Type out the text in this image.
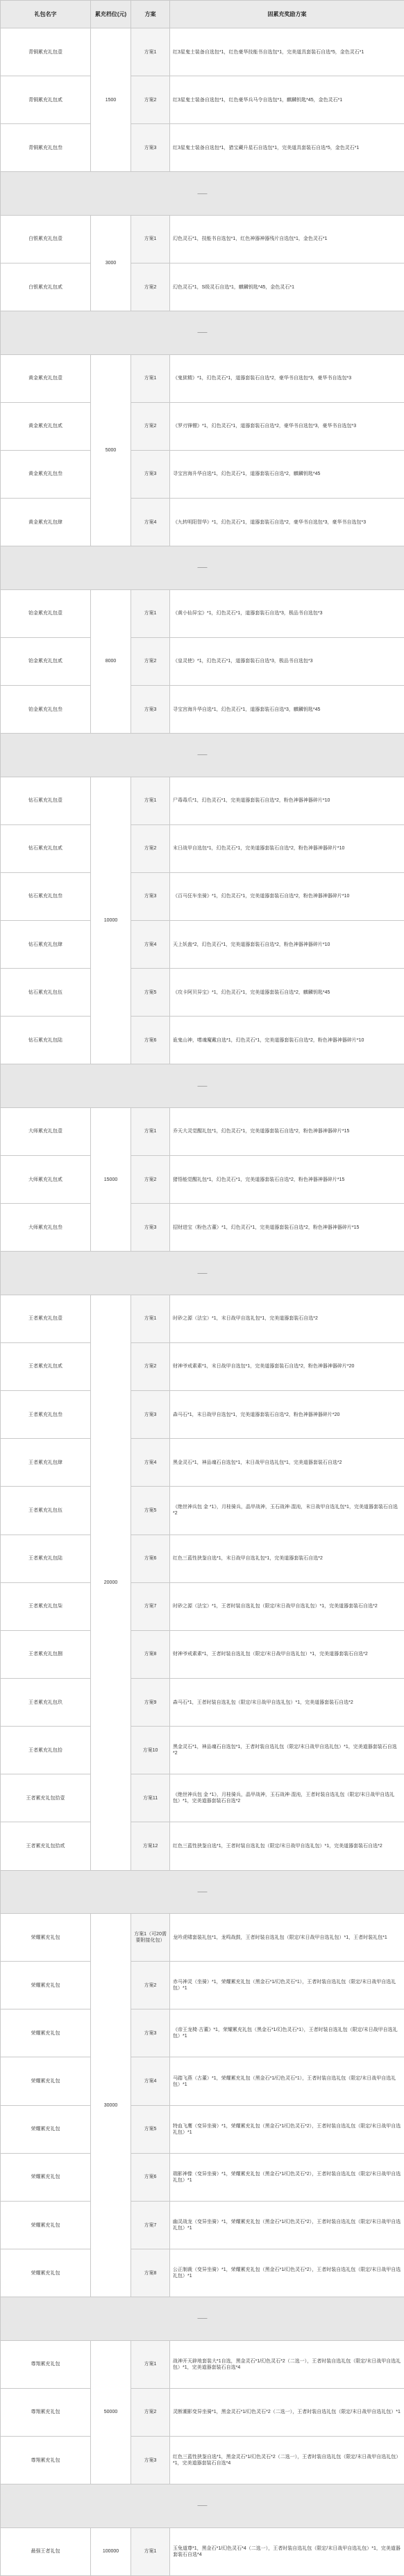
礼包名字	累充档位(元)	方案	固累充奖励方案
青铜累充礼包壹	1500	方案1	红3星鬼士装备自选包*1，红色豪华技能书自选包*1，完美道具套装石自选*5，金色灵石*1
青铜累充礼包贰		方案2	红3星鬼士装备自选包*1，红色豪华兵马令自选包*1，麒麟钥匙*45，金色灵石*1
青铜累充礼包叁		方案3	红3星鬼士装备自选包*1，猎宝藏升星石自选包*1，完美道具套装石自选*5，金色灵石*1
——			
白银累充礼包壹	3000	方案1	幻色灵石*1，技能书自选包*1，红色神器神器残片自选包*1，金色灵石*1
白银累充礼包贰		方案2	幻色灵石*1，S级灵石自选*1，麒麟钥匙*45，金色灵石*1
——			
黄金累充礼包壹	5000	方案1	《鬼狱精》*1，幻色灵石*1，道器套装石自选*2，豪华书自选包*3，豪华书自选包*3
黄金累充礼包贰		方案2	《罗刃锋镖》*1，幻色灵石*1，道器套装石自选*2，豪华书自选包*3，豪华书自选包*3
黄金累充礼包叁		方案3	寻宝宫海升华自选*1，幻色灵石*1，道器套装石自选*2，麒麟钥匙*45
黄金累充礼包肆		方案4	《九转明阳智华》*1，幻色灵石*1，道器套装石自选*2，豪华书自选包*3，豪华书自选包*3
——			
铂金累充礼包壹	8000	方案1	《黄小仙异宝》*1，幻色灵石*1，道器套装石自选*3，极品书自选包*3
铂金累充礼包贰		方案2	《皇灵使》*1，幻色灵石*1，道器套装石自选*3，极品书自选包*3
铂金累充礼包叁		方案3	寻宝宫海升华自选*1，幻色灵石*1，道器套装石自选*3，麒麟钥匙*45
——			
钻石累充礼包壹	10000	方案1	尸毒毒爪*1，幻色灵石*1，完美道器套装石自选*2，粉色神器神器碎片*10
钻石累充礼包贰		方案2	末日战甲自选包*1，幻色灵石*1，完美道器套装石自选*2，粉色神器神器碎片*10
钻石累充礼包叁		方案3	《百马狂车坐骑》*1，幻色灵石*1，完美道器套装石自选*2，粉色神器神器碎片*10
钻石累充礼包肆		方案4	天上妖蛊*2，幻色灵石*1，完美道器套装石自选*2，粉色神器神器碎片*10
钻石累充礼包伍		方案5	《攻卡阿贝异宝》*1，幻色灵石*1，完美道器套装石自选*2，麒麟钥匙*45
钻石累充礼包陆		方案6	诡鬼山神，嗜魂魔戴自选*1，幻色灵石*1，完美道器套装石自选*2，粉色神器神器碎片*10
——			
大师累充礼包壹	15000	方案1	乔天大灵觉醒礼包*1，幻色灵石*1，完美道器套装石自选*2，粉色神器神器碎片*15
大师累充礼包贰		方案2	猪悟能觉醒礼包*1，幻色灵石*1，完美道器套装石自选*2，粉色神器神器碎片*15
大师累充礼包叁		方案3	招财进宝（粉色古董）*1，幻色灵石*1，完美道器套装石自选*2，粉色神器神器碎片*15
——			
王者累充礼包壹	20000	方案1	时砂之源（法宝）*1，末日战甲自选礼包*1，完美道器套装石自选*2
王者累充礼包贰		方案2	财神爷戒素素*1，末日战甲自选包*1，完美道器套装石自选*2，粉色神器神器碎片*20
王者累充礼包叁		方案3	森马石*1，末日战甲自选包*1，完美道器套装石自选*2，粉色神器神器碎片*20
王者累充礼包肆		方案4	黑金灵石*1，神品魂石自选包*1，末日战甲自选礼包*1，完美道器套装石自选*2
王者累充礼包伍		方案5	《绝世神兵包 金 *1》，月桂骑兵，晶甲战神，玉石战神·混沌，末日战甲自选礼包*1，完美道器套装石自选*2
王者累充礼包陆		方案6	红色三蓝性狭鉴自选*1，末日战甲自选礼包*1，完美道器套装石自选*2
王者累充礼包柒		方案7	时砂之源（法宝）*1，王者时装自选礼包（限定/末日战甲自选礼包）*1，完美道器套装石自选*2
王者累充礼包捌		方案8	财神爷戒素素*1，王者时装自选礼包（限定/末日战甲自选礼包）*1，完美道器套装石自选*2
王者累充礼包玖		方案9	森马石*1，王者时装自选礼包（限定/末日战甲自选礼包）*1，完美道器套装石自选*2
王者累充礼包拾		方案10	黑金灵石*1，神品魂石自选包*1，王者时装自选礼包（限定/末日战甲自选礼包）*1，完美道器套装石自选*2
王者累充礼包拾壹		方案11	《绝世神兵包 金 *1》，月桂骑兵，晶甲战神，玉石战神·混沌，王者时装自选礼包（限定/末日战甲自选礼包）*1，完美道器套装石自选*2
王者累充礼包拾贰		方案12	红色三蓝性狭鉴自选*1，王者时装自选礼包（限定/末日战甲自选礼包）*1，完美道器套装石自选*2
——			
荣耀累充礼包	30000	方案1（可20需要附接化包）	龙吟虎啸套装礼包*1，龙鸣战鼓，王者时装自选礼包（限定/末日战甲自选礼包）*1，王者时装礼包*1
荣耀累充礼包		方案2	赤马神灵（坐骑）*1，荣耀累充礼包（黑金石*1/幻色灵石*1），王者时装自选礼包（限定/末日战甲自选礼包）*1
荣耀累充礼包		方案3	《帝王龙椅·古董》*1，荣耀累充礼包（黑金石*1/幻色灵石*1），王者时装自选礼包（限定/末日战甲自选礼包）*1
荣耀累充礼包		方案4	马踏飞燕（古董）*1，荣耀累充礼包（黑金石*1/幻色灵石*1），王者时装自选礼包（限定/末日战甲自选礼包）*1
荣耀累充礼包		方案5	特血飞鹰（变异坐骑）*1，荣耀累充礼包（黑金石*1/幻色灵石*2），王者时装自选礼包（限定/末日战甲自选礼包）*1
荣耀累充礼包		方案6	瑞影神像（变异坐骑）*1，荣耀累充礼包（黑金石*1/幻色灵石*2），王者时装自选礼包（限定/末日战甲自选礼包）*1
荣耀累充礼包		方案7	幽灵战龙（变异坐骑）*1，荣耀累充礼包（黑金石*1/幻色灵石*2），王者时装自选礼包（限定/末日战甲自选礼包）*1
荣耀累充礼包		方案8	公正制裁（变异坐骑）*1，荣耀累充礼包（黑金石*1/幻色灵石*2），王者时装自选礼包（限定/末日战甲自选礼包）*1
——			
尊翔累充礼包	50000	方案1	战神开天辟地套装大*1自选，黑金灵石*1/幻色灵石*2（二选一），王者时装自选礼包（限定/末日战甲自选礼包）*1，完美道器套装石自选*4
尊翔累充礼包		方案2	灵断潮影变异坐骑*1，黑金灵石*1/幻色灵石*2（二选一），王者时装自选礼包（限定/末日战甲自选礼包）*1
尊翔累充礼包		方案3	红色三蓝性狭鉴自选*1，黑金灵石*1/幻色灵石*2（二选一），王者时装自选礼包（限定/末日战甲自选礼包）*1，完美道器套装石自选*4
——			
最强王者礼包	100000	方案1	玉兔道尊*1，黑金石*1/幻色灵石*4（二选一），王者时装自选礼包（限定/末日战甲自选礼包）*1，完美道器套装石自选*4
